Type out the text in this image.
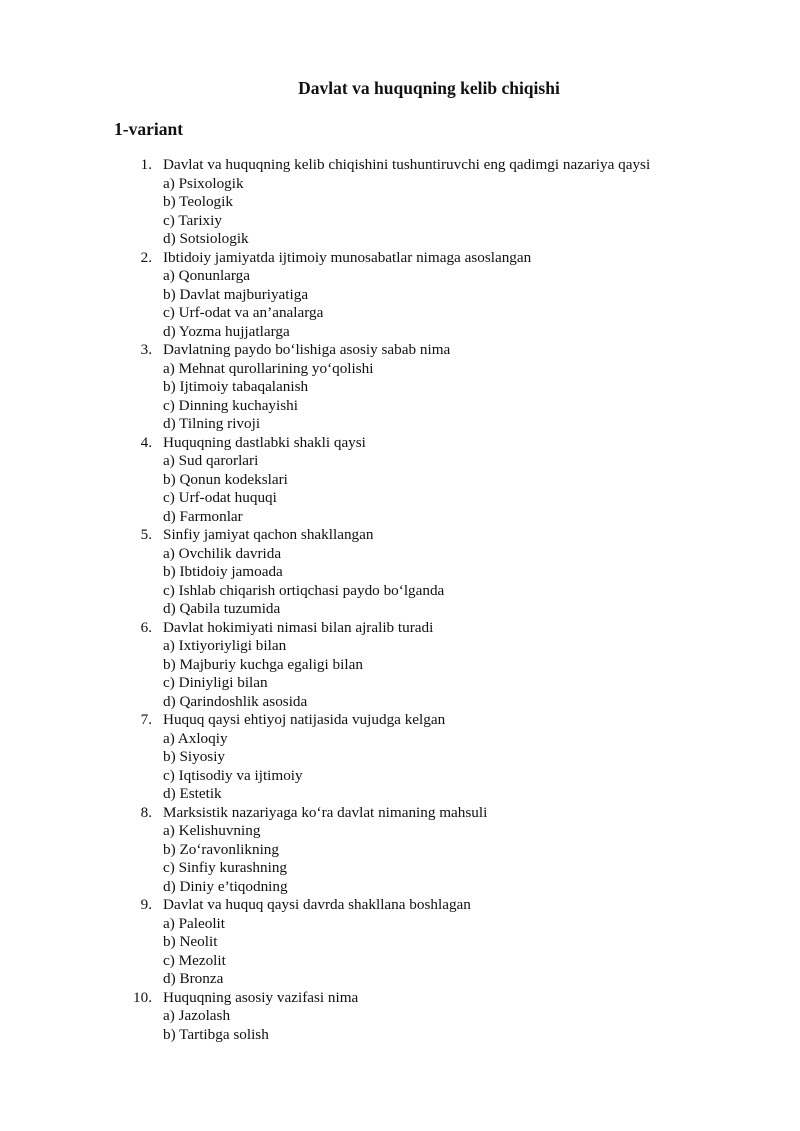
Davlat va huquqning kelib chiqishi
1-variant
1. Davlat va huquqning kelib chiqishini tushuntiruvchi eng qadimgi nazariya qaysi
a) Psixologik
b) Teologik
c) Tarixiy
d) Sotsiologik
2. Ibtidoiy jamiyatda ijtimoiy munosabatlar nimaga asoslangan
a) Qonunlarga
b) Davlat majburiyatiga
c) Urf-odat va an’analarga
d) Yozma hujjatlarga
3. Davlatning paydo bo‘lishiga asosiy sabab nima
a) Mehnat qurollarining yo‘qolishi
b) Ijtimoiy tabaqalanish
c) Dinning kuchayishi
d) Tilning rivoji
4. Huquqning dastlabki shakli qaysi
a) Sud qarorlari
b) Qonun kodekslari
c) Urf-odat huquqi
d) Farmonlar
5. Sinfiy jamiyat qachon shakllangan
a) Ovchilik davrida
b) Ibtidoiy jamoada
c) Ishlab chiqarish ortiqchasi paydo bo‘lganda
d) Qabila tuzumida
6. Davlat hokimiyati nimasi bilan ajralib turadi
a) Ixtiyoriyligi bilan
b) Majburiy kuchga egaligi bilan
c) Diniyligi bilan
d) Qarindoshlik asosida
7. Huquq qaysi ehtiyoj natijasida vujudga kelgan
a) Axloqiy
b) Siyosiy
c) Iqtisodiy va ijtimoiy
d) Estetik
8. Marksistik nazariyaga ko‘ra davlat nimaning mahsuli
a) Kelishuvning
b) Zo‘ravonlikning
c) Sinfiy kurashning
d) Diniy e’tiqodning
9. Davlat va huquq qaysi davrda shakllana boshlagan
a) Paleolit
b) Neolit
c) Mezolit
d) Bronza
10. Huquqning asosiy vazifasi nima
a) Jazolash
b) Tartibga solish
